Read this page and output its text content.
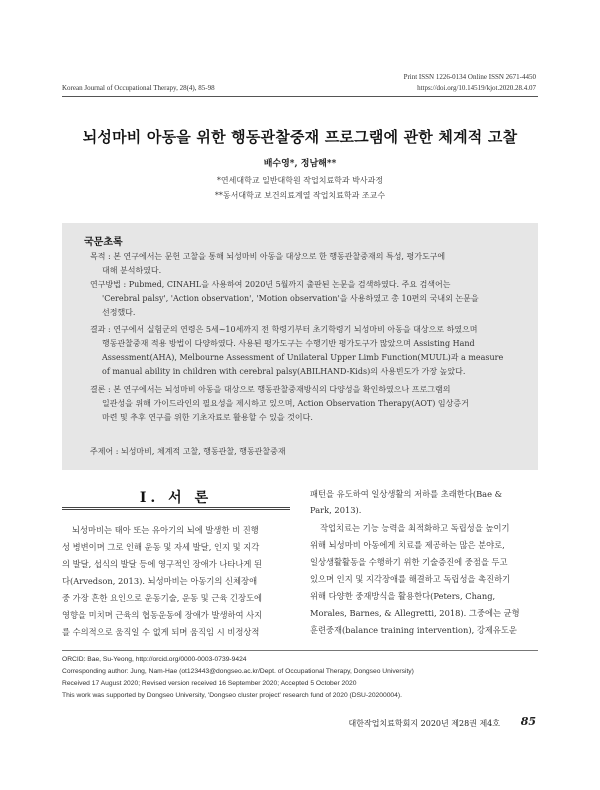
Korean Journal of Occupational Therapy, 28(4), 85-98
Print ISSN 1226-0134 Online ISSN 2671-4450
https://doi.org/10.14519/kjot.2020.28.4.07
뇌성마비 아동을 위한 행동관찰중재 프로그램에 관한 체계적 고찰
배수영*, 정남해**
*연세대학교 일반대학원 작업치료학과 박사과정
**동서대학교 보건의료계열 작업치료학과 조교수
국문초록
목적 : 본 연구에서는 문헌 고찰을 통해 뇌성마비 아동을 대상으로 한 행동관찰중재의 특성, 평가도구에
대해 분석하였다.
연구방법 : Pubmed, CINAHL을 사용하여 2020년 5월까지 출판된 논문을 검색하였다. 주요 검색어는
'Cerebral palsy', 'Action observation', 'Motion observation'을 사용하였고 총 10편의 국내외 논문을
선정했다.
결과 : 연구에서 실험군의 연령은 5세~10세까지 전 학령기부터 초기학령기 뇌성마비 아동을 대상으로 하였으며
행동관찰중재 적용 방법이 다양하였다. 사용된 평가도구는 수행기반 평가도구가 많았으며 Assisting Hand
Assessment(AHA), Melbourne Assessment of Unilateral Upper Limb Function(MUUL)과 a measure
of manual ability in children with cerebral palsy(ABILHAND-Kids)의 사용빈도가 가장 높았다.
결론 : 본 연구에서는 뇌성마비 아동을 대상으로 행동관찰중재방식의 다양성을 확인하였으나 프로그램의
일관성을 위해 가이드라인의 필요성을 제시하고 있으며, Action Observation Therapy(AOT) 임상증거
마련 및 추후 연구를 위한 기초자료로 활용할 수 있을 것이다.
주제어 : 뇌성마비, 체계적 고찰, 행동관찰, 행동관찰중재
Ⅰ. 서 론
뇌성마비는 태아 또는 유아기의 뇌에 발생한 비 진행
성 병변이며 그로 인해 운동 및 자세 발달, 인지 및 지각
의 발달, 섭식의 발달 등에 영구적인 장애가 나타나게 된
다(Arvedson, 2013). 뇌성마비는 아동기의 신체장애
중 가장 흔한 요인으로 운동기술, 운동 및 근육 긴장도에
영향을 미치며 근육의 협동운동에 장애가 발생하여 사지
를 수의적으로 움직일 수 없게 되며 움직임 시 비정상적
패턴을 유도하여 일상생활의 저하를 초래한다(Bae &
Park, 2013).
작업치료는 기능 능력을 최적화하고 독립성을 높이기
위해 뇌성마비 아동에게 치료를 제공하는 많은 분야로,
일상생활활동을 수행하기 위한 기술증진에 중점을 두고
있으며 인지 및 지각장애를 해결하고 독립성을 촉진하기
위해 다양한 중재방식을 활용한다(Peters, Chang,
Morales, Barnes, & Allegretti, 2018). 그중에는 균형
훈련중재(balance training intervention), 강제유도운
ORCID: Bae, Su-Yeong, http://orcid.org/0000-0003-0739-9424
Corresponding author: Jung, Nam-Hae (ot123443@dongseo.ac.kr/Dept. of Occupational Therapy, Dongseo University)
Received 17 August 2020; Revised version received 16 September 2020; Accepted 5 October 2020
This work was supported by Dongseo University, 'Dongseo cluster project' research fund of 2020 (DSU-20200004).
대한작업치료학회지 2020년 제28권 제4호 85
